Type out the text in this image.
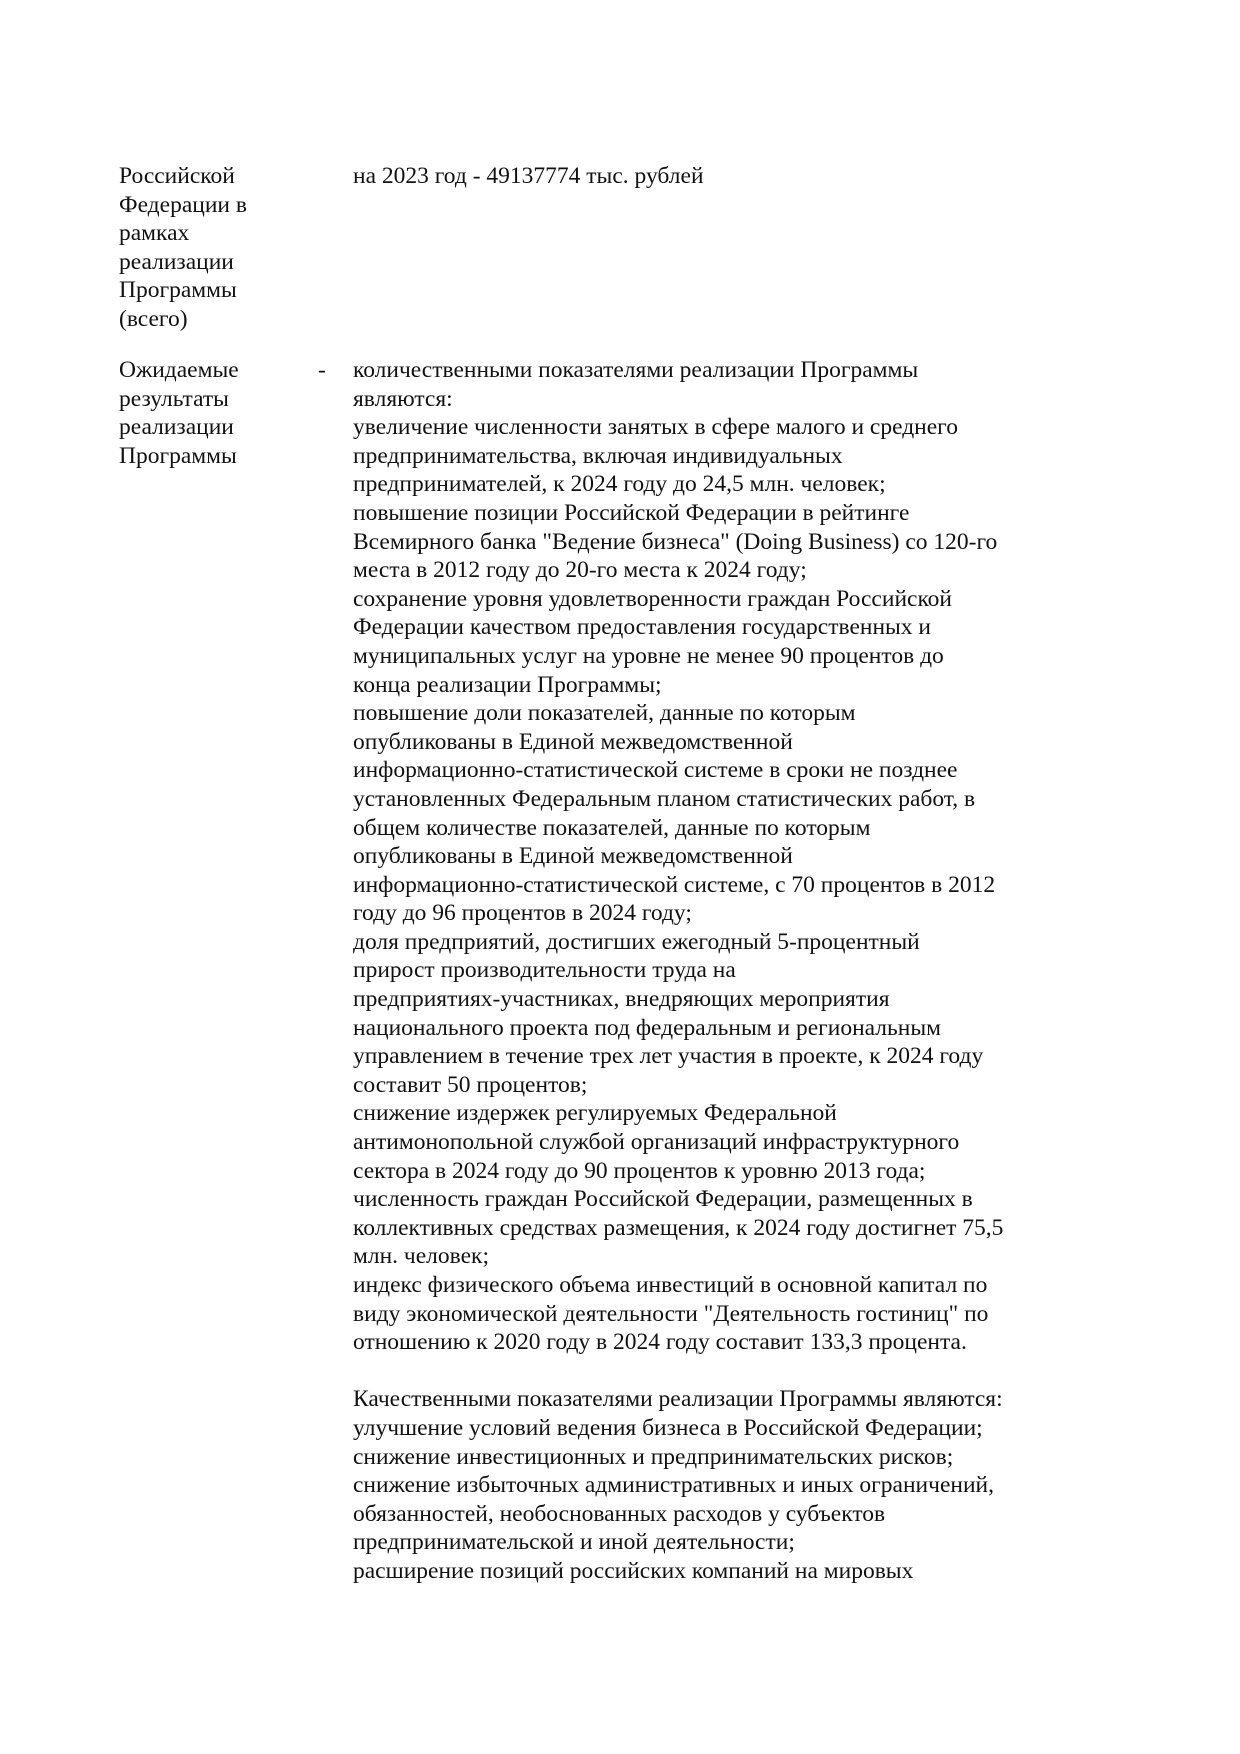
Российской
Федерации в
рамках
реализации
Программы
(всего)
на 2023 год - 49137774 тыс. рублей
Ожидаемые
результаты
реализации
Программы
- количественными показателями реализации Программы
являются:
увеличение численности занятых в сфере малого и среднего
предпринимательства, включая индивидуальных
предпринимателей, к 2024 году до 24,5 млн. человек;
повышение позиции Российской Федерации в рейтинге
Всемирного банка "Ведение бизнеса" (Doing Business) со 120-го
места в 2012 году до 20-го места к 2024 году;
сохранение уровня удовлетворенности граждан Российской
Федерации качеством предоставления государственных и
муниципальных услуг на уровне не менее 90 процентов до
конца реализации Программы;
повышение доли показателей, данные по которым
опубликованы в Единой межведомственной
информационно-статистической системе в сроки не позднее
установленных Федеральным планом статистических работ, в
общем количестве показателей, данные по которым
опубликованы в Единой межведомственной
информационно-статистической системе, с 70 процентов в 2012
году до 96 процентов в 2024 году;
доля предприятий, достигших ежегодный 5-процентный
прирост производительности труда на
предприятиях-участниках, внедряющих мероприятия
национального проекта под федеральным и региональным
управлением в течение трех лет участия в проекте, к 2024 году
составит 50 процентов;
снижение издержек регулируемых Федеральной
антимонопольной службой организаций инфраструктурного
сектора в 2024 году до 90 процентов к уровню 2013 года;
численность граждан Российской Федерации, размещенных в
коллективных средствах размещения, к 2024 году достигнет 75,5
млн. человек;
индекс физического объема инвестиций в основной капитал по
виду экономической деятельности "Деятельность гостиниц" по
отношению к 2020 году в 2024 году составит 133,3 процента.
Качественными показателями реализации Программы являются:
улучшение условий ведения бизнеса в Российской Федерации;
снижение инвестиционных и предпринимательских рисков;
снижение избыточных административных и иных ограничений,
обязанностей, необоснованных расходов у субъектов
предпринимательской и иной деятельности;
расширение позиций российских компаний на мировых
